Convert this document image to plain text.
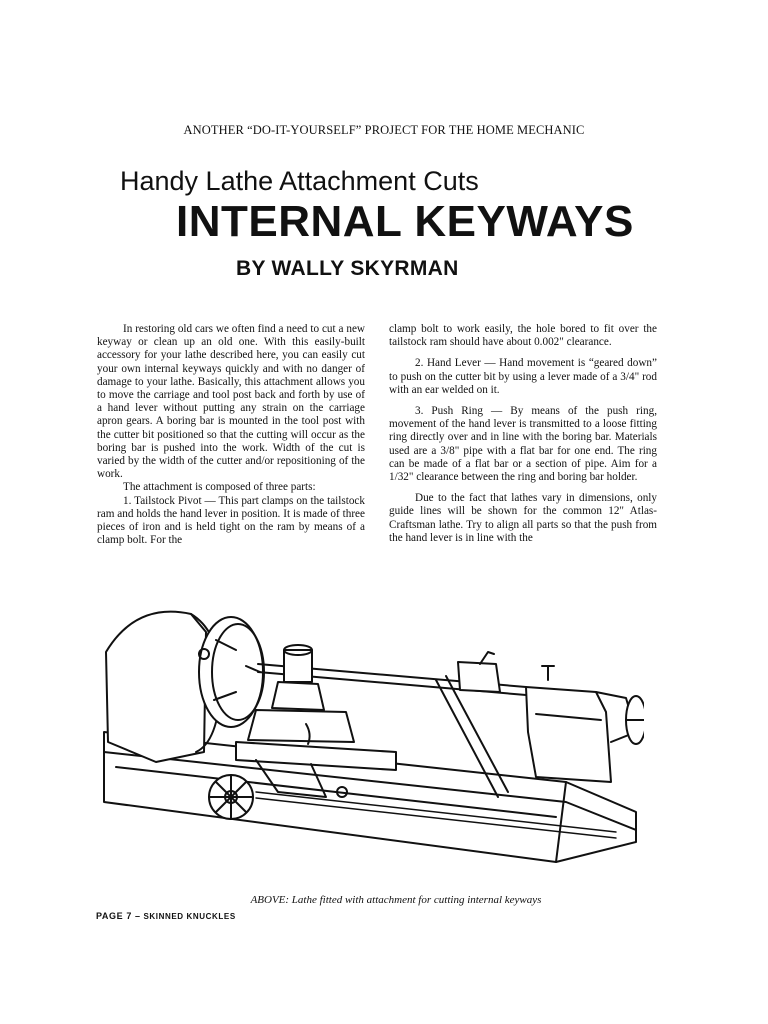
ANOTHER “DO-IT-YOURSELF” PROJECT FOR THE HOME MECHANIC
Handy Lathe Attachment Cuts
INTERNAL KEYWAYS
BY WALLY SKYRMAN

In restoring old cars we often find a need to cut a new keyway or clean up an old one. With this easily-built accessory for your lathe described here, you can easily cut your own internal keyways quickly and with no danger of damage to your lathe. Basically, this attachment allows you to move the carriage and tool post back and forth by use of a hand lever without putting any strain on the carriage apron gears. A boring bar is mounted in the tool post with the cutter bit positioned so that the cutting will occur as the boring bar is pushed into the work. Width of the cut is varied by the width of the cutter and/or repositioning of the work.

The attachment is composed of three parts:

1. Tailstock Pivot — This part clamps on the tailstock ram and holds the hand lever in position. It is made of three pieces of iron and is held tight on the ram by means of a clamp bolt. For the

clamp bolt to work easily, the hole bored to fit over the tailstock ram should have about 0.002" clearance.

2. Hand Lever — Hand movement is “geared down” to push on the cutter bit by using a lever made of a 3/4" rod with an ear welded on it.

3. Push Ring — By means of the push ring, movement of the hand lever is transmitted to a loose fitting ring directly over and in line with the boring bar. Materials used are a 3/8" pipe with a flat bar for one end. The ring can be made of a flat bar or a section of pipe. Aim for a 1/32" clearance between the ring and boring bar holder.

Due to the fact that lathes vary in dimensions, only guide lines will be shown for the common 12" Atlas-Craftsman lathe. Try to align all parts so that the push from the hand lever is in line with the

ABOVE: Lathe fitted with attachment for cutting internal keyways
PAGE 7 – SKINNED KNUCKLES
